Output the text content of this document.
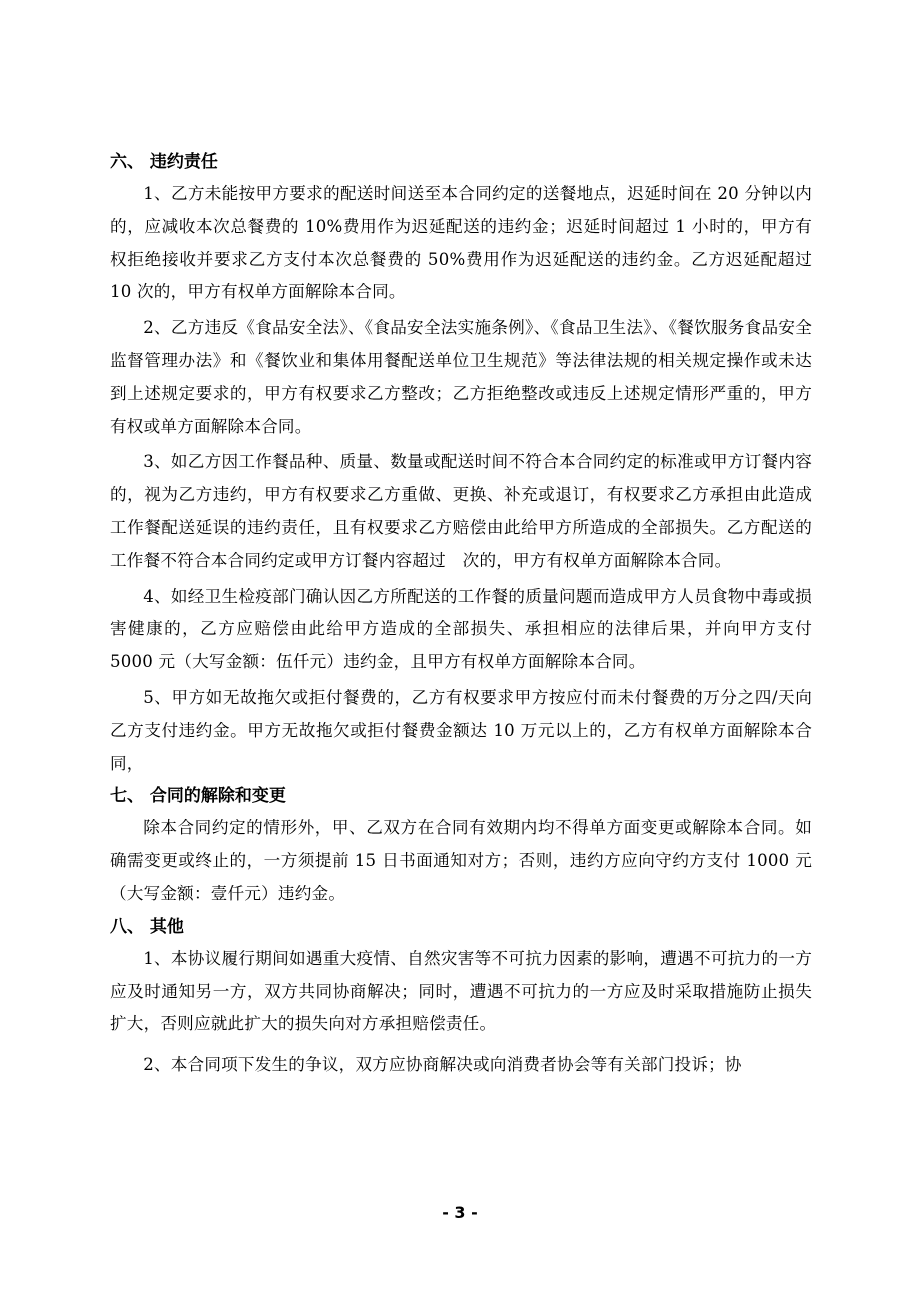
六、 违约责任

1、乙方未能按甲方要求的配送时间送至本合同约定的送餐地点，迟延时间在 20 分钟以内的，应减收本次总餐费的 10%费用作为迟延配送的违约金；迟延时间超过 1 小时的，甲方有权拒绝接收并要求乙方支付本次总餐费的 50%费用作为迟延配送的违约金。乙方迟延配超过 10 次的，甲方有权单方面解除本合同。

2、乙方违反《食品安全法》、《食品安全法实施条例》、《食品卫生法》、《餐饮服务食品安全监督管理办法》和《餐饮业和集体用餐配送单位卫生规范》等法律法规的相关规定操作或未达到上述规定要求的，甲方有权要求乙方整改；乙方拒绝整改或违反上述规定情形严重的，甲方有权或单方面解除本合同。

3、如乙方因工作餐品种、质量、数量或配送时间不符合本合同约定的标准或甲方订餐内容的，视为乙方违约，甲方有权要求乙方重做、更换、补充或退订，有权要求乙方承担由此造成工作餐配送延误的违约责任，且有权要求乙方赔偿由此给甲方所造成的全部损失。乙方配送的工作餐不符合本合同约定或甲方订餐内容超过　次的，甲方有权单方面解除本合同。

4、如经卫生检疫部门确认因乙方所配送的工作餐的质量问题而造成甲方人员食物中毒或损害健康的，乙方应赔偿由此给甲方造成的全部损失、承担相应的法律后果，并向甲方支付 5000 元（大写金额：伍仟元）违约金，且甲方有权单方面解除本合同。

5、甲方如无故拖欠或拒付餐费的，乙方有权要求甲方按应付而未付餐费的万分之四/天向乙方支付违约金。甲方无故拖欠或拒付餐费金额达 10 万元以上的，乙方有权单方面解除本合同，

七、 合同的解除和变更

除本合同约定的情形外，甲、乙双方在合同有效期内均不得单方面变更或解除本合同。如确需变更或终止的，一方须提前 15 日书面通知对方；否则，违约方应向守约方支付 1000 元（大写金额：壹仟元）违约金。

八、 其他

1、本协议履行期间如遇重大疫情、自然灾害等不可抗力因素的影响，遭遇不可抗力的一方应及时通知另一方，双方共同协商解决；同时，遭遇不可抗力的一方应及时采取措施防止损失扩大，否则应就此扩大的损失向对方承担赔偿责任。

2、本合同项下发生的争议，双方应协商解决或向消费者协会等有关部门投诉；协

- 3 -
